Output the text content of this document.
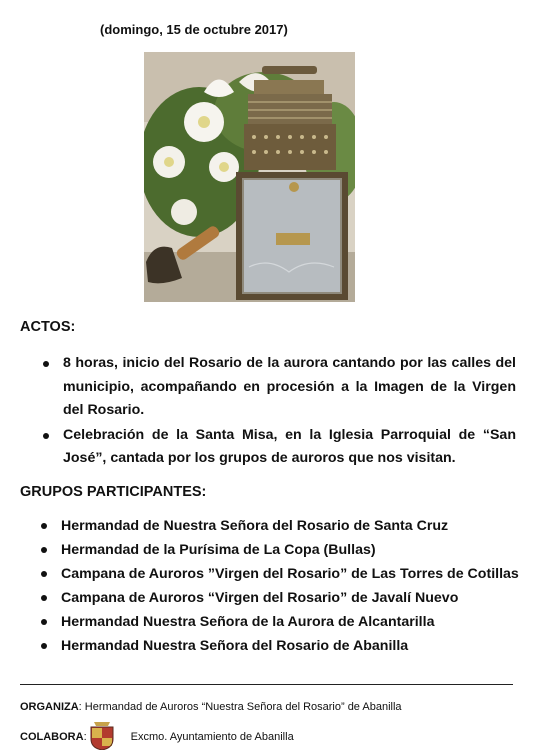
(domingo, 15 de octubre 2017)
ACTOS:
8 horas, inicio del Rosario de la aurora cantando por las calles del municipio, acompañando en procesión a la Imagen de la Virgen del Rosario.
Celebración de la Santa Misa, en la Iglesia Parroquial de “San José”, cantada por los grupos de auroros que nos visitan.
GRUPOS PARTICIPANTES:
Hermandad de Nuestra Señora del Rosario de Santa Cruz
Hermandad de la Purísima de La Copa (Bullas)
Campana de Auroros ”Virgen del Rosario” de Las Torres de Cotillas
Campana de Auroros “Virgen del Rosario” de Javalí Nuevo
Hermandad Nuestra Señora de la Aurora de Alcantarilla
Hermandad Nuestra Señora del Rosario de Abanilla
ORGANIZA: Hermandad de Auroros “Nuestra Señora del Rosario” de Abanilla
COLABORA:	Excmo. Ayuntamiento de Abanilla
